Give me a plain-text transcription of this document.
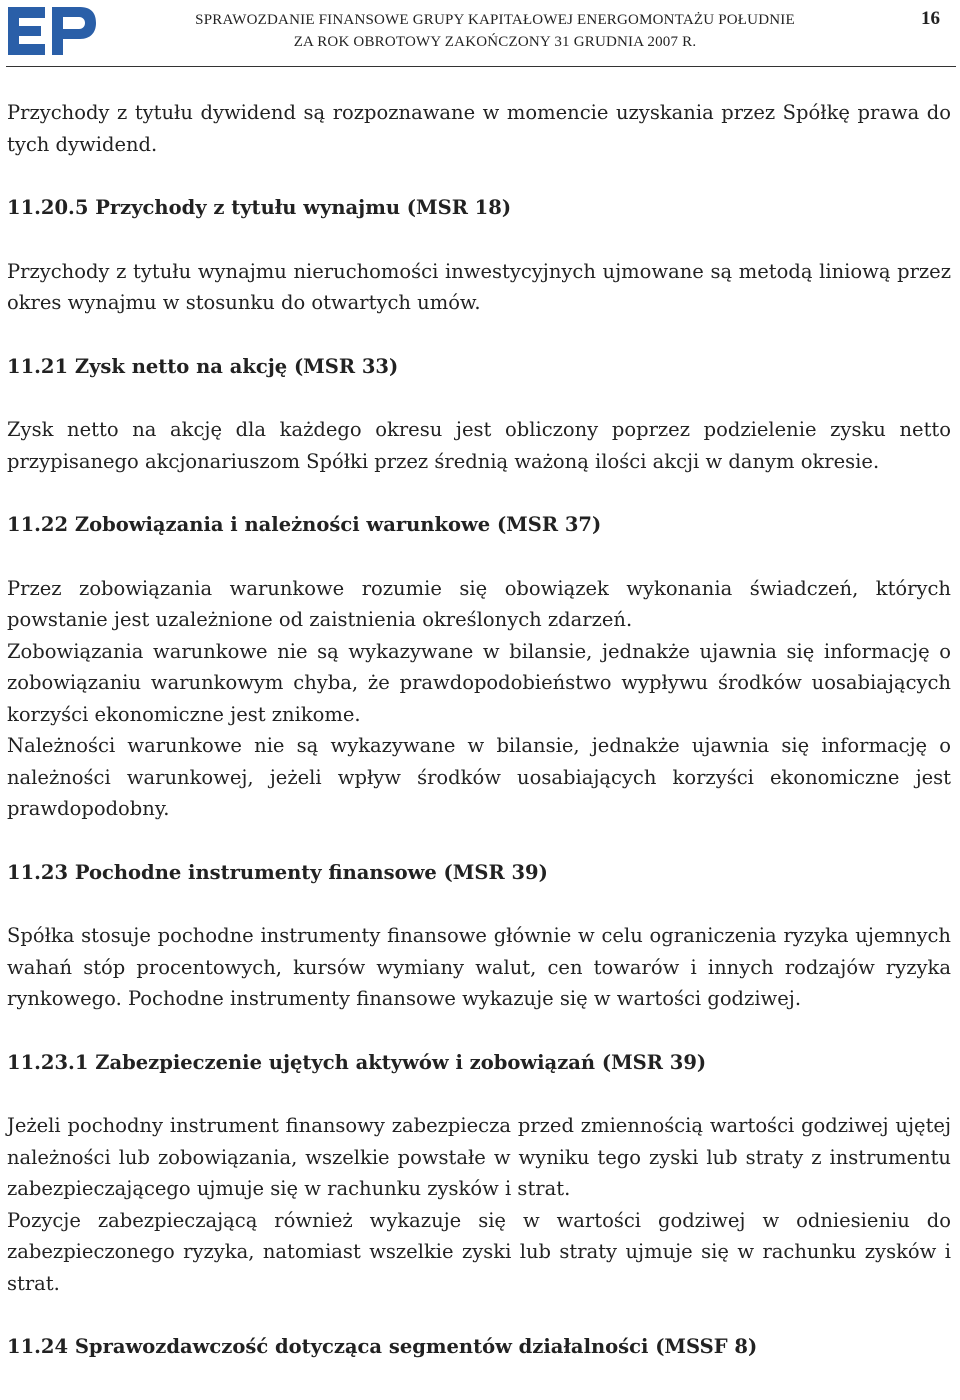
SPRAWOZDANIE FINANSOWE GRUPY KAPITAŁOWEJ ENERGOMONTAŻU POŁUDNIE
ZA ROK OBROTOWY ZAKOŃCZONY 31 GRUDNIA 2007 R.
16

Przychody z tytułu dywidend są rozpoznawane w momencie uzyskania przez Spółkę prawa do tych dywidend.

11.20.5 Przychody z tytułu wynajmu (MSR 18)

Przychody z tytułu wynajmu nieruchomości inwestycyjnych ujmowane są metodą liniową przez okres wynajmu w stosunku do otwartych umów.

11.21 Zysk netto na akcję (MSR 33)

Zysk netto na akcję dla każdego okresu jest obliczony poprzez podzielenie zysku netto przypisanego akcjonariuszom Spółki przez średnią ważoną ilości akcji w danym okresie.

11.22 Zobowiązania i należności warunkowe (MSR 37)

Przez zobowiązania warunkowe rozumie się obowiązek wykonania świadczeń, których powstanie jest uzależnione od zaistnienia określonych zdarzeń.

Zobowiązania warunkowe nie są wykazywane w bilansie, jednakże ujawnia się informację o zobowiązaniu warunkowym chyba, że prawdopodobieństwo wypływu środków uosabiających korzyści ekonomiczne jest znikome.

Należności warunkowe nie są wykazywane w bilansie, jednakże ujawnia się informację o należności warunkowej, jeżeli wpływ środków uosabiających korzyści ekonomiczne jest prawdopodobny.

11.23 Pochodne instrumenty finansowe (MSR 39)

Spółka stosuje pochodne instrumenty finansowe głównie w celu ograniczenia ryzyka ujemnych wahań stóp procentowych, kursów wymiany walut, cen towarów i innych rodzajów ryzyka rynkowego. Pochodne instrumenty finansowe wykazuje się w wartości godziwej.

11.23.1 Zabezpieczenie ujętych aktywów i zobowiązań (MSR 39)

Jeżeli pochodny instrument finansowy zabezpiecza przed zmiennością wartości godziwej ujętej należności lub zobowiązania, wszelkie powstałe w wyniku tego zyski lub straty z instrumentu zabezpieczającego ujmuje się w rachunku zysków i strat.

Pozycje zabezpieczającą również wykazuje się w wartości godziwej w odniesieniu do zabezpieczonego ryzyka, natomiast wszelkie zyski lub straty ujmuje się w rachunku zysków i strat.

11.24 Sprawozdawczość dotycząca segmentów działalności (MSSF 8)
